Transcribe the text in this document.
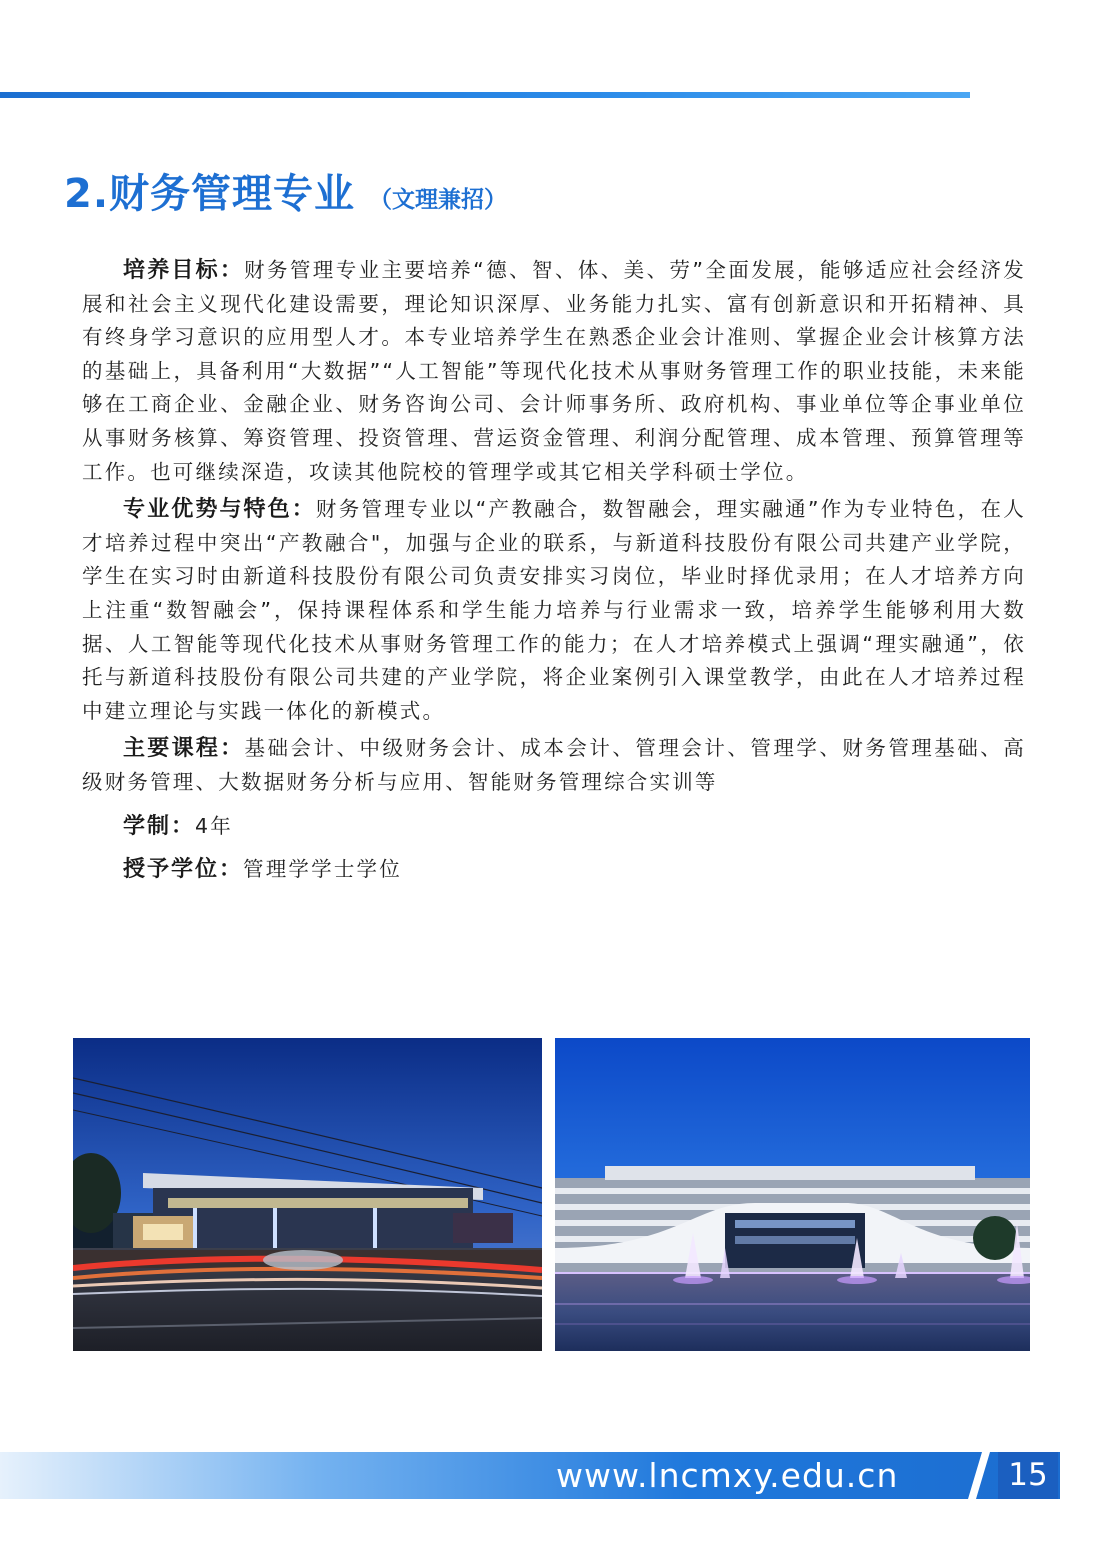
2.财务管理专业 （文理兼招）

培养目标：财务管理专业主要培养“德、智、体、美、劳”全面发展，能够适应社会经济发展和社会主义现代化建设需要，理论知识深厚、业务能力扎实、富有创新意识和开拓精神、具有终身学习意识的应用型人才。本专业培养学生在熟悉企业会计准则、掌握企业会计核算方法的基础上，具备利用“大数据”“人工智能”等现代化技术从事财务管理工作的职业技能，未来能够在工商企业、金融企业、财务咨询公司、会计师事务所、政府机构、事业单位等企事业单位从事财务核算、筹资管理、投资管理、营运资金管理、利润分配管理、成本管理、预算管理等工作。也可继续深造，攻读其他院校的管理学或其它相关学科硕士学位。

专业优势与特色：财务管理专业以“产教融合，数智融会，理实融通”作为专业特色，在人才培养过程中突出“产教融合"，加强与企业的联系，与新道科技股份有限公司共建产业学院，学生在实习时由新道科技股份有限公司负责安排实习岗位，毕业时择优录用；在人才培养方向上注重“数智融会”，保持课程体系和学生能力培养与行业需求一致，培养学生能够利用大数据、人工智能等现代化技术从事财务管理工作的能力；在人才培养模式上强调“理实融通”，依托与新道科技股份有限公司共建的产业学院，将企业案例引入课堂教学，由此在人才培养过程中建立理论与实践一体化的新模式。

主要课程：基础会计、中级财务会计、成本会计、管理会计、管理学、财务管理基础、高级财务管理、大数据财务分析与应用、智能财务管理综合实训等

学制：4年

授予学位：管理学学士学位

www.lncmxy.edu.cn	15
